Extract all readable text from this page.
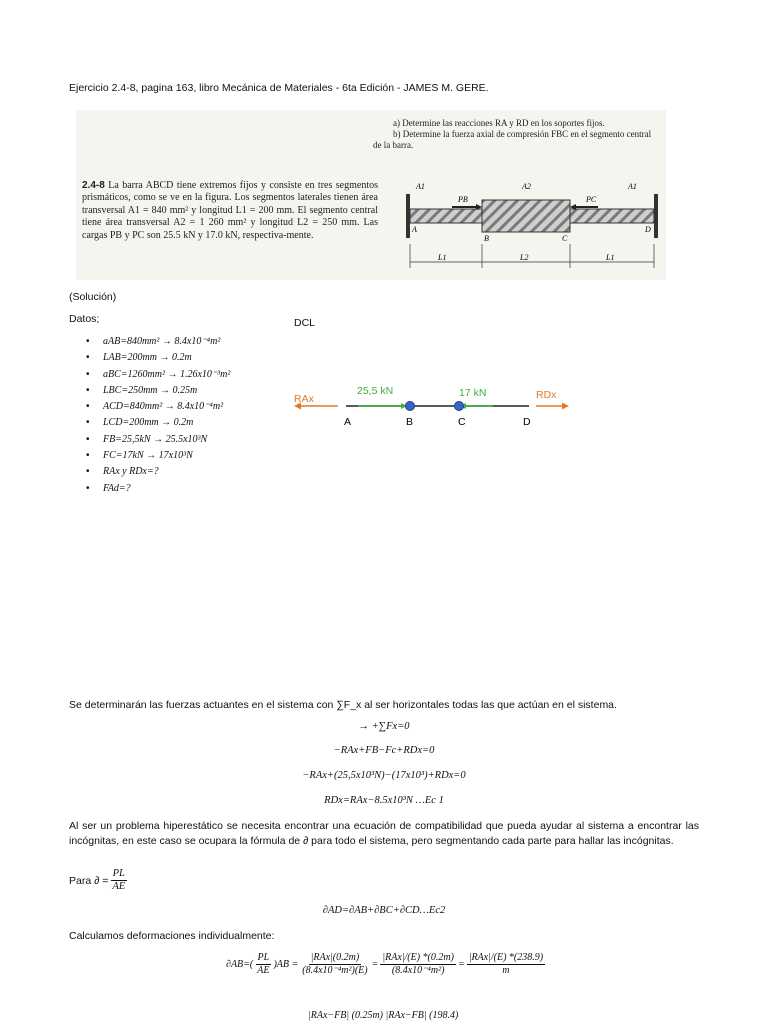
Ejercicio 2.4-8, pagina 163, libro Mecánica de Materiales - 6ta Edición - JAMES M. GERE.
2.4-8 La barra ABCD tiene extremos fijos y consiste en tres segmentos prismáticos, como se ve en la figura. Los segmentos laterales tienen área transversal A1 = 840 mm² y longitud L1 = 200 mm. El segmento central tiene área transversal A2 = 1 260 mm² y longitud L2 = 250 mm. Las cargas PB y PC son 25.5 kN y 17.0 kN, respectiva-mente.
a) Determine las reacciones RA y RD en los soportes fijos.
b) Determine la fuerza axial de compresión FBC en el segmento central de la barra.
A1	A2	A1
PB	PC
A
B	C
D
L1	L2	L1
(Solución)
Datos;	DCL
• aAB=840mm² → 8.4x10⁻⁴m²
• LAB=200mm → 0.2m
• aBC=1260mm² → 1.26x10⁻³m²
• LBC=250mm → 0.25m
• ACD=840mm² → 8.4x10⁻⁴m²
• LCD=200mm → 0.2m
• FB=25,5kN → 25.5x10³N
• FC=17kN → 17x10³N
• RAx y RDx=?
• FAd=?
RAx	RDx
25,5 kN	17 kN
A	B	C	D
Se determinarán las fuerzas actuantes en el sistema con ∑F_x al ser horizontales todas las que actúan en el sistema.
→ +∑Fx=0
−RAx+FB−Fc+RDx=0
−RAx+(25,5x10³N)−(17x10³)+RDx=0
RDx=RAx−8.5x10³N …Ec 1
Al ser un problema hiperestático se necesita encontrar una ecuación de compatibilidad que pueda ayudar al sistema a encontrar las incógnitas, en este caso se ocupara la fórmula de ∂ para todo el sistema, pero segmentando cada parte para hallar las incógnitas.
Para ∂ = $\frac{PL}{AE}$
∂AD=∂AB+∂BC+∂CD…Ec2
Calculamos deformaciones individualmente:
$\partial AB=( \frac{PL}{AE} )AB = \frac{\text{|RAx|(0.2m)}}{\text{(8.4x10⁻⁴m²)(E)}} = \frac{\text{|RAx|/(E) *(0.2m)}}{\text{(8.4x10⁻⁴m²)}} = \frac{\text{|RAx|/(E) *(238.9)}}{m}$
|RAx−FB| (0.25m) |RAx−FB| (198.4)
